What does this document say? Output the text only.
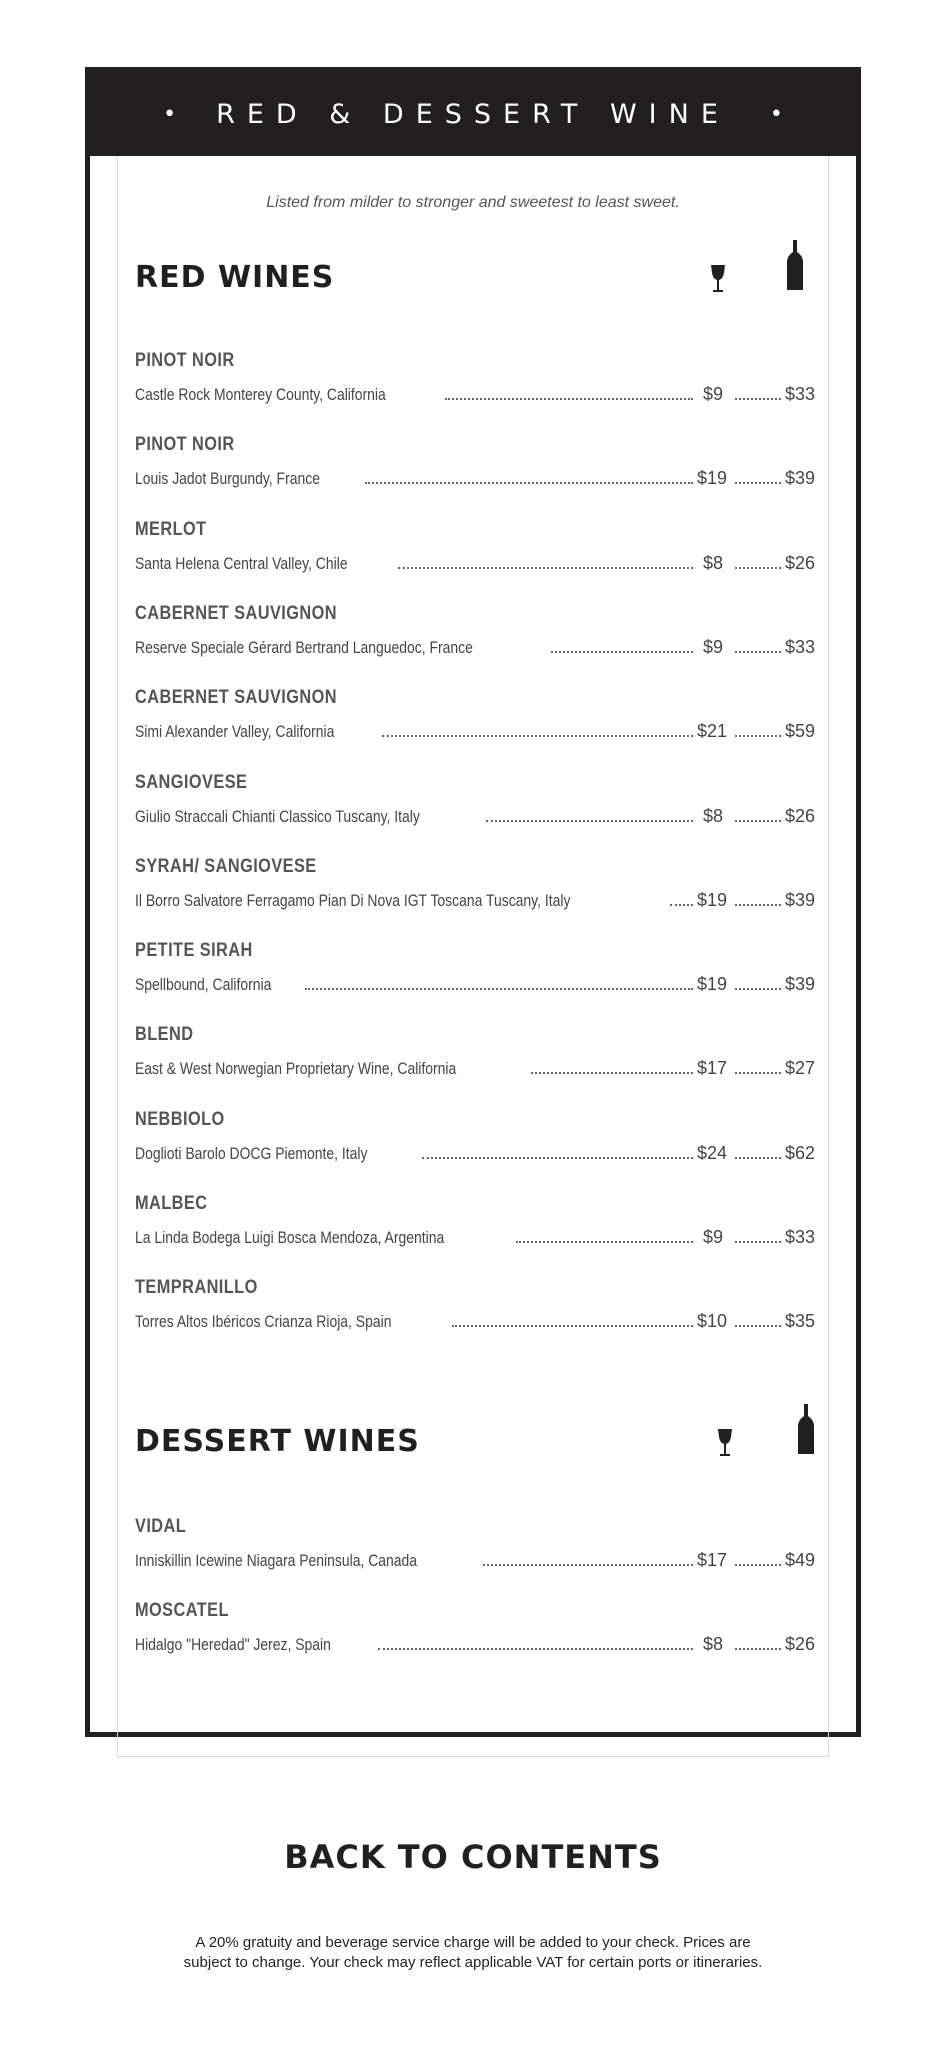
• RED & DESSERT WINE •
Listed from milder to stronger and sweetest to least sweet.
RED WINES
PINOT NOIR
Castle Rock Monterey County, California	$9	$33
PINOT NOIR
Louis Jadot Burgundy, France	$19	$39
MERLOT
Santa Helena Central Valley, Chile	$8	$26
CABERNET SAUVIGNON
Reserve Speciale Gérard Bertrand Languedoc, France	$9	$33
CABERNET SAUVIGNON
Simi Alexander Valley, California	$21	$59
SANGIOVESE
Giulio Straccali Chianti Classico Tuscany, Italy	$8	$26
SYRAH/ SANGIOVESE
Il Borro Salvatore Ferragamo Pian Di Nova IGT Toscana Tuscany, Italy	$19	$39
PETITE SIRAH
Spellbound, California	$19	$39
BLEND
East & West Norwegian Proprietary Wine, California	$17	$27
NEBBIOLO
Doglioti Barolo DOCG Piemonte, Italy	$24	$62
MALBEC
La Linda Bodega Luigi Bosca Mendoza, Argentina	$9	$33
TEMPRANILLO
Torres Altos Ibéricos Crianza Rioja, Spain	$10	$35
DESSERT WINES
VIDAL
Inniskillin Icewine Niagara Peninsula, Canada	$17	$49
MOSCATEL
Hidalgo "Heredad" Jerez, Spain	$8	$26
BACK TO CONTENTS
A 20% gratuity and beverage service charge will be added to your check. Prices are subject to change. Your check may reflect applicable VAT for certain ports or itineraries.
